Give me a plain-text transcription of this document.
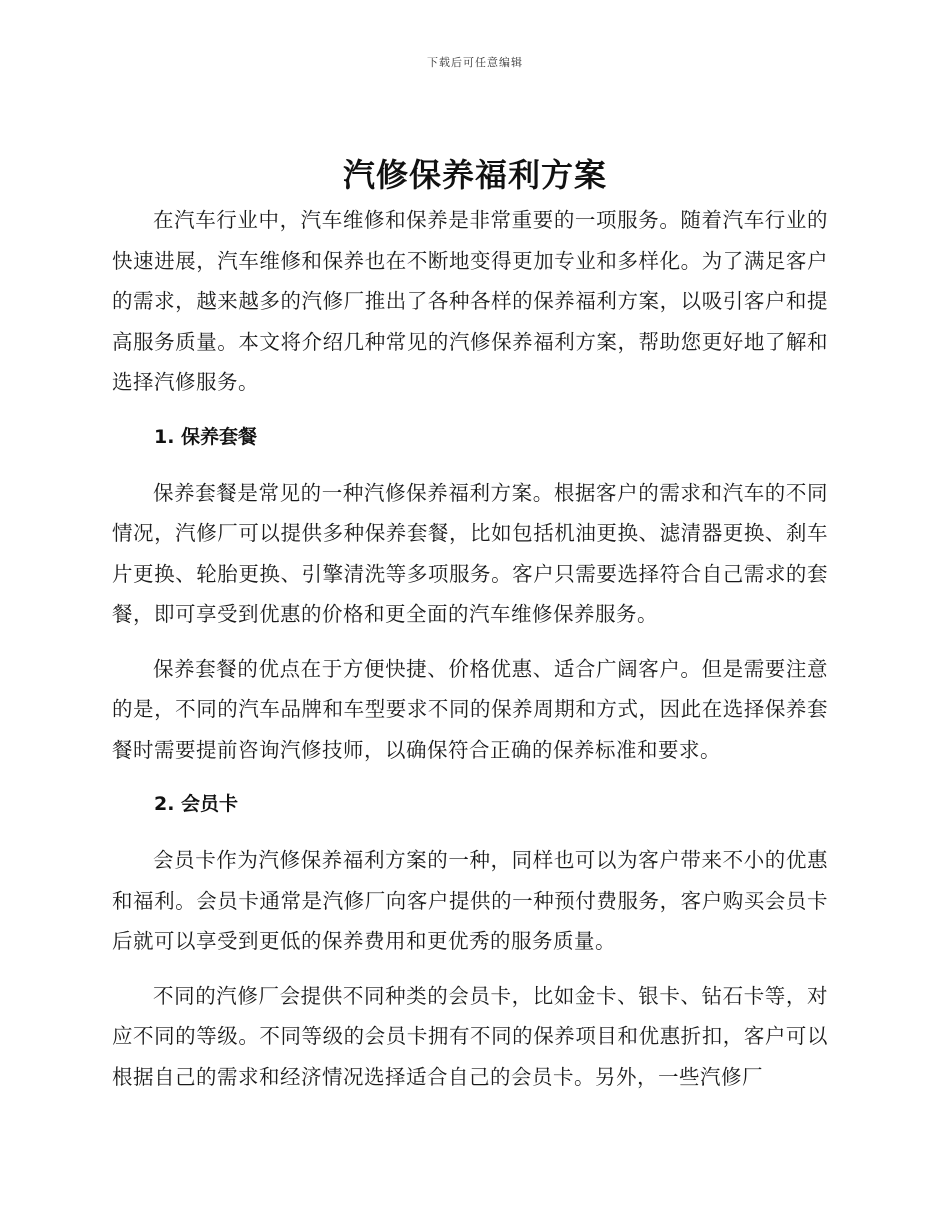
下载后可任意编辑
汽修保养福利方案

在汽车行业中，汽车维修和保养是非常重要的一项服务。随着汽车行业的快速进展，汽车维修和保养也在不断地变得更加专业和多样化。为了满足客户的需求，越来越多的汽修厂推出了各种各样的保养福利方案，以吸引客户和提高服务质量。本文将介绍几种常见的汽修保养福利方案，帮助您更好地了解和选择汽修服务。

1. 保养套餐

保养套餐是常见的一种汽修保养福利方案。根据客户的需求和汽车的不同情况，汽修厂可以提供多种保养套餐，比如包括机油更换、滤清器更换、刹车片更换、轮胎更换、引擎清洗等多项服务。客户只需要选择符合自己需求的套餐，即可享受到优惠的价格和更全面的汽车维修保养服务。

保养套餐的优点在于方便快捷、价格优惠、适合广阔客户。但是需要注意的是，不同的汽车品牌和车型要求不同的保养周期和方式，因此在选择保养套餐时需要提前咨询汽修技师，以确保符合正确的保养标准和要求。

2. 会员卡

会员卡作为汽修保养福利方案的一种，同样也可以为客户带来不小的优惠和福利。会员卡通常是汽修厂向客户提供的一种预付费服务，客户购买会员卡后就可以享受到更低的保养费用和更优秀的服务质量。

不同的汽修厂会提供不同种类的会员卡，比如金卡、银卡、钻石卡等，对应不同的等级。不同等级的会员卡拥有不同的保养项目和优惠折扣，客户可以根据自己的需求和经济情况选择适合自己的会员卡。另外，一些汽修厂
